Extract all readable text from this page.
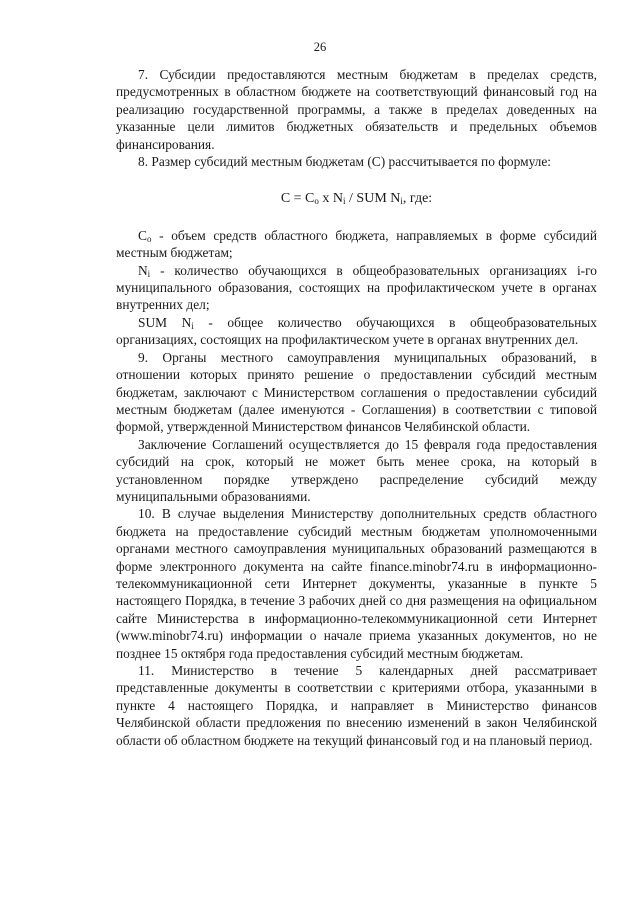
26

7. Субсидии предоставляются местным бюджетам в пределах средств, предусмотренных в областном бюджете на соответствующий финансовый год на реализацию государственной программы, а также в пределах доведенных на указанные цели лимитов бюджетных обязательств и предельных объемов финансирования.

8. Размер субсидий местным бюджетам (С) рассчитывается по формуле:

$С = С_о$ x $N_i$ / SUM $N_i$, где:

$С_о$ - объем средств областного бюджета, направляемых в форме субсидий местным бюджетам;

$N_i$ - количество обучающихся в общеобразовательных организациях i-го муниципального образования, состоящих на профилактическом учете в органах внутренних дел;

SUM $N_i$ - общее количество обучающихся в общеобразовательных организациях, состоящих на профилактическом учете в органах внутренних дел.

9. Органы местного самоуправления муниципальных образований, в отношении которых принято решение о предоставлении субсидий местным бюджетам, заключают с Министерством соглашения о предоставлении субсидий местным бюджетам (далее именуются - Соглашения) в соответствии с типовой формой, утвержденной Министерством финансов Челябинской области.

Заключение Соглашений осуществляется до 15 февраля года предоставления субсидий на срок, который не может быть менее срока, на который в установленном порядке утверждено распределение субсидий между муниципальными образованиями.

10. В случае выделения Министерству дополнительных средств областного бюджета на предоставление субсидий местным бюджетам уполномоченными органами местного самоуправления муниципальных образований размещаются в форме электронного документа на сайте finance.minobr74.ru в информационно-телекоммуникационной сети Интернет документы, указанные в пункте 5 настоящего Порядка, в течение 3 рабочих дней со дня размещения на официальном сайте Министерства в информационно-телекоммуникационной сети Интернет (www.minobr74.ru) информации о начале приема указанных документов, но не позднее 15 октября года предоставления субсидий местным бюджетам.

11. Министерство в течение 5 календарных дней рассматривает представленные документы в соответствии с критериями отбора, указанными в пункте 4 настоящего Порядка, и направляет в Министерство финансов Челябинской области предложения по внесению изменений в закон Челябинской области об областном бюджете на текущий финансовый год и на плановый период.
